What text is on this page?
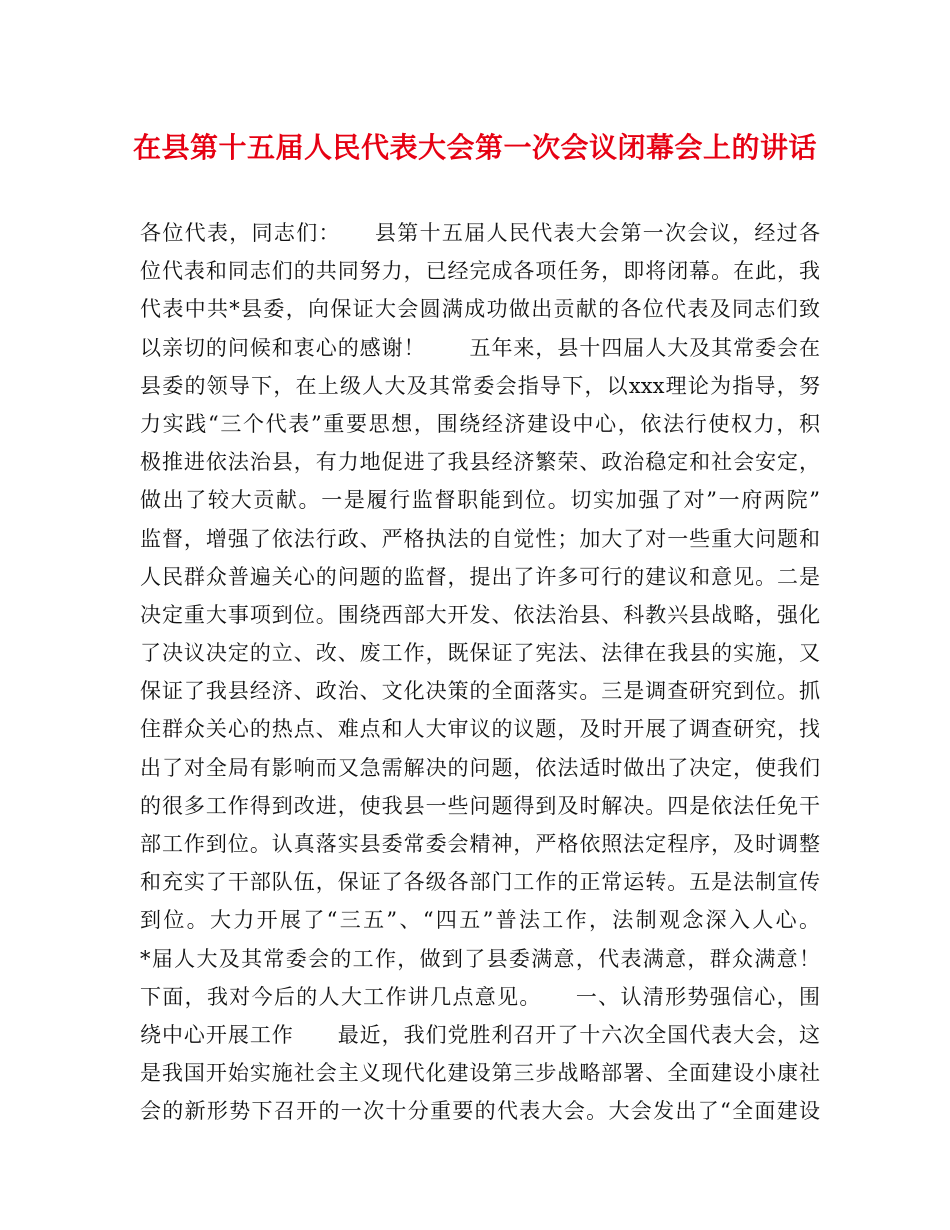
在县第十五届人民代表大会第一次会议闭幕会上的讲话
各位代表，同志们：　　县第十五届人民代表大会第一次会议，经过各
位代表和同志们的共同努力，已经完成各项任务，即将闭幕。在此，我
代表中共*县委，向保证大会圆满成功做出贡献的各位代表及同志们致
以亲切的问候和衷心的感谢！　　五年来，县十四届人大及其常委会在
县委的领导下，在上级人大及其常委会指导下，以xxx理论为指导，努
力实践“三个代表”重要思想，围绕经济建设中心，依法行使权力，积
极推进依法治县，有力地促进了我县经济繁荣、政治稳定和社会安定，
做出了较大贡献。一是履行监督职能到位。切实加强了对”一府两院”
监督，增强了依法行政、严格执法的自觉性；加大了对一些重大问题和
人民群众普遍关心的问题的监督，提出了许多可行的建议和意见。二是
决定重大事项到位。围绕西部大开发、依法治县、科教兴县战略，强化
了决议决定的立、改、废工作，既保证了宪法、法律在我县的实施，又
保证了我县经济、政治、文化决策的全面落实。三是调查研究到位。抓
住群众关心的热点、难点和人大审议的议题，及时开展了调查研究，找
出了对全局有影响而又急需解决的问题，依法适时做出了决定，使我们
的很多工作得到改进，使我县一些问题得到及时解决。四是依法任免干
部工作到位。认真落实县委常委会精神，严格依照法定程序，及时调整
和充实了干部队伍，保证了各级各部门工作的正常运转。五是法制宣传
到位。大力开展了“三五”、“四五”普法工作，法制观念深入人心。
*届人大及其常委会的工作，做到了县委满意，代表满意，群众满意！
下面，我对今后的人大工作讲几点意见。　　一、认清形势强信心，围
绕中心开展工作　　最近，我们党胜利召开了十六次全国代表大会，这
是我国开始实施社会主义现代化建设第三步战略部署、全面建设小康社
会的新形势下召开的一次十分重要的代表大会。大会发出了“全面建设
